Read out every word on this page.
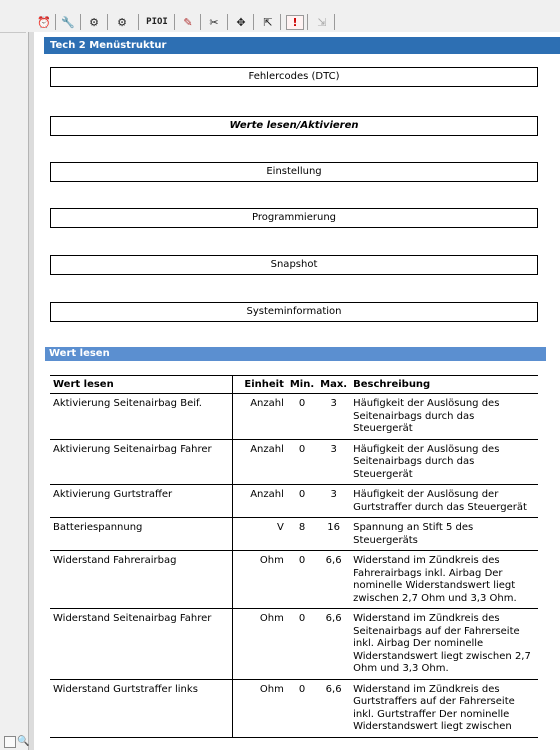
🔍
⏰ 🔧 ⚙ ⚙	PIOI	✎	✂	✥	⇱	!	⇲
Tech 2 Menüstruktur
Fehlercodes (DTC)
Werte lesen/Aktivieren
Einstellung
Programmierung
Snapshot
Systeminformation
Wert lesen
Wert lesen	Einheit	Min.	Max.	Beschreibung
Aktivierung Seitenairbag Beif.	Anzahl	0	3	Häufigkeit der Auslösung des Seitenairbags durch das Steuergerät
Aktivierung Seitenairbag Fahrer	Anzahl	0	3	Häufigkeit der Auslösung des Seitenairbags durch das Steuergerät
Aktivierung Gurtstraffer	Anzahl	0	3	Häufigkeit der Auslösung der Gurtstraffer durch das Steuergerät
Batteriespannung	V	8	16	Spannung an Stift 5 des Steuergeräts
Widerstand Fahrerairbag	Ohm	0	6,6	Widerstand im Zündkreis des Fahrerairbags inkl. Airbag Der nominelle Widerstandswert liegt zwischen 2,7 Ohm und 3,3 Ohm.
Widerstand Seitenairbag Fahrer	Ohm	0	6,6	Widerstand im Zündkreis des Seitenairbags auf der Fahrerseite inkl. Airbag Der nominelle Widerstandswert liegt zwischen 2,7 Ohm und 3,3 Ohm.
Widerstand Gurtstraffer links	Ohm	0	6,6	Widerstand im Zündkreis des Gurtstraffers auf der Fahrerseite inkl. Gurtstraffer Der nominelle Widerstandswert liegt zwischen
